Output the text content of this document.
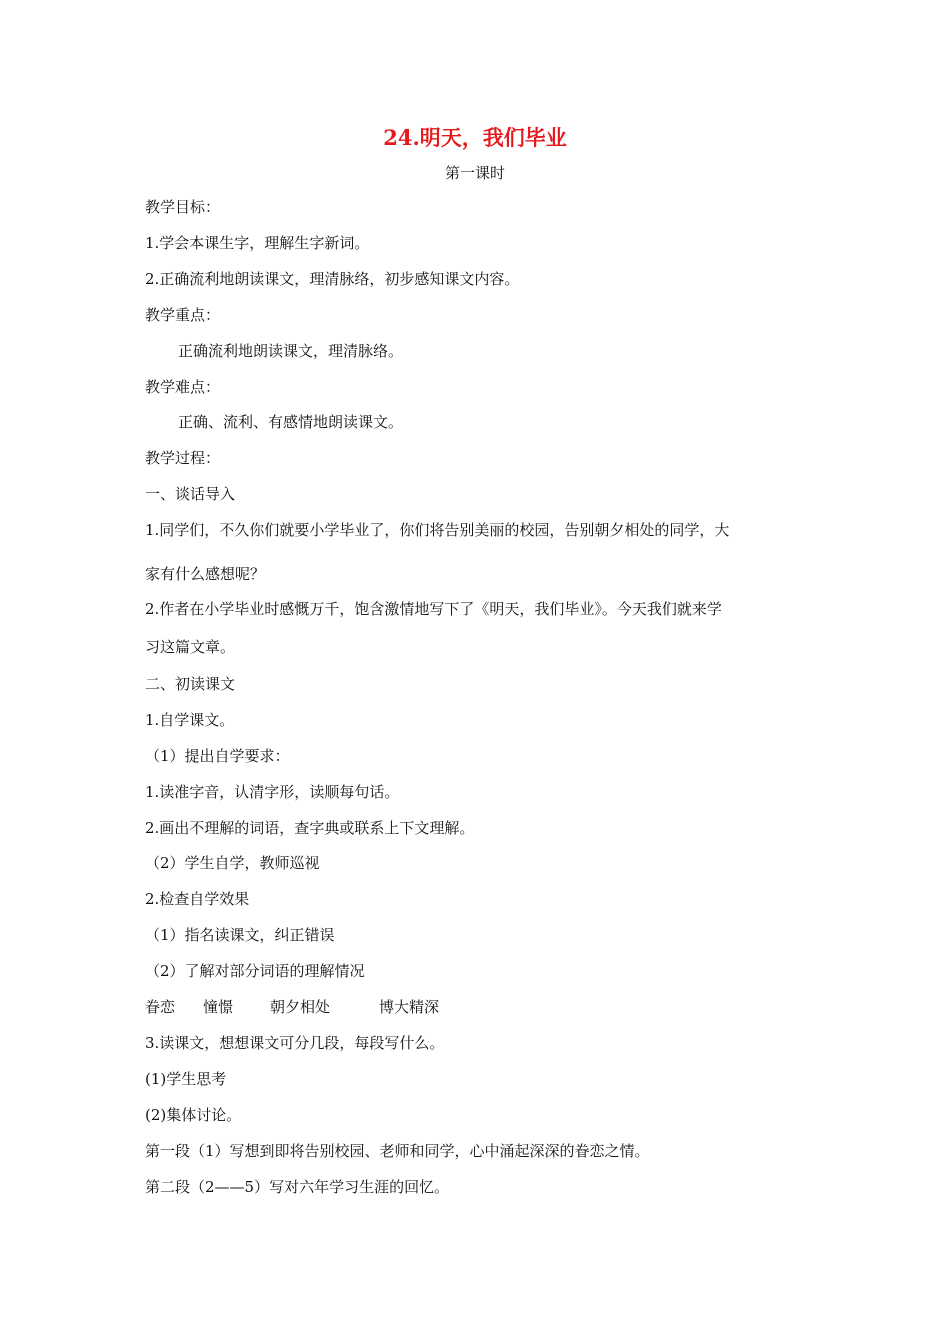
24.明天，我们毕业
第一课时
教学目标：
1.学会本课生字，理解生字新词。
2.正确流利地朗读课文，理清脉络，初步感知课文内容。
教学重点：
正确流利地朗读课文，理清脉络。
教学难点：
正确、流利、有感情地朗读课文。
教学过程：
一、谈话导入
1.同学们，不久你们就要小学毕业了，你们将告别美丽的校园，告别朝夕相处的同学，大
家有什么感想呢？
2.作者在小学毕业时感慨万千，饱含激情地写下了《明天，我们毕业》。今天我们就来学
习这篇文章。
二、初读课文
1.自学课文。
（1）提出自学要求：
1.读准字音，认清字形，读顺每句话。
2.画出不理解的词语，查字典或联系上下文理解。
（2）学生自学，教师巡视
2.检查自学效果
（1）指名读课文，纠正错误
（2）了解对部分词语的理解情况
眷恋 憧憬 朝夕相处	博大精深
3.读课文，想想课文可分几段，每段写什么。
(1)学生思考
(2)集体讨论。
第一段（1）写想到即将告别校园、老师和同学，心中涌起深深的眷恋之情。
第二段（2——5）写对六年学习生涯的回忆。
